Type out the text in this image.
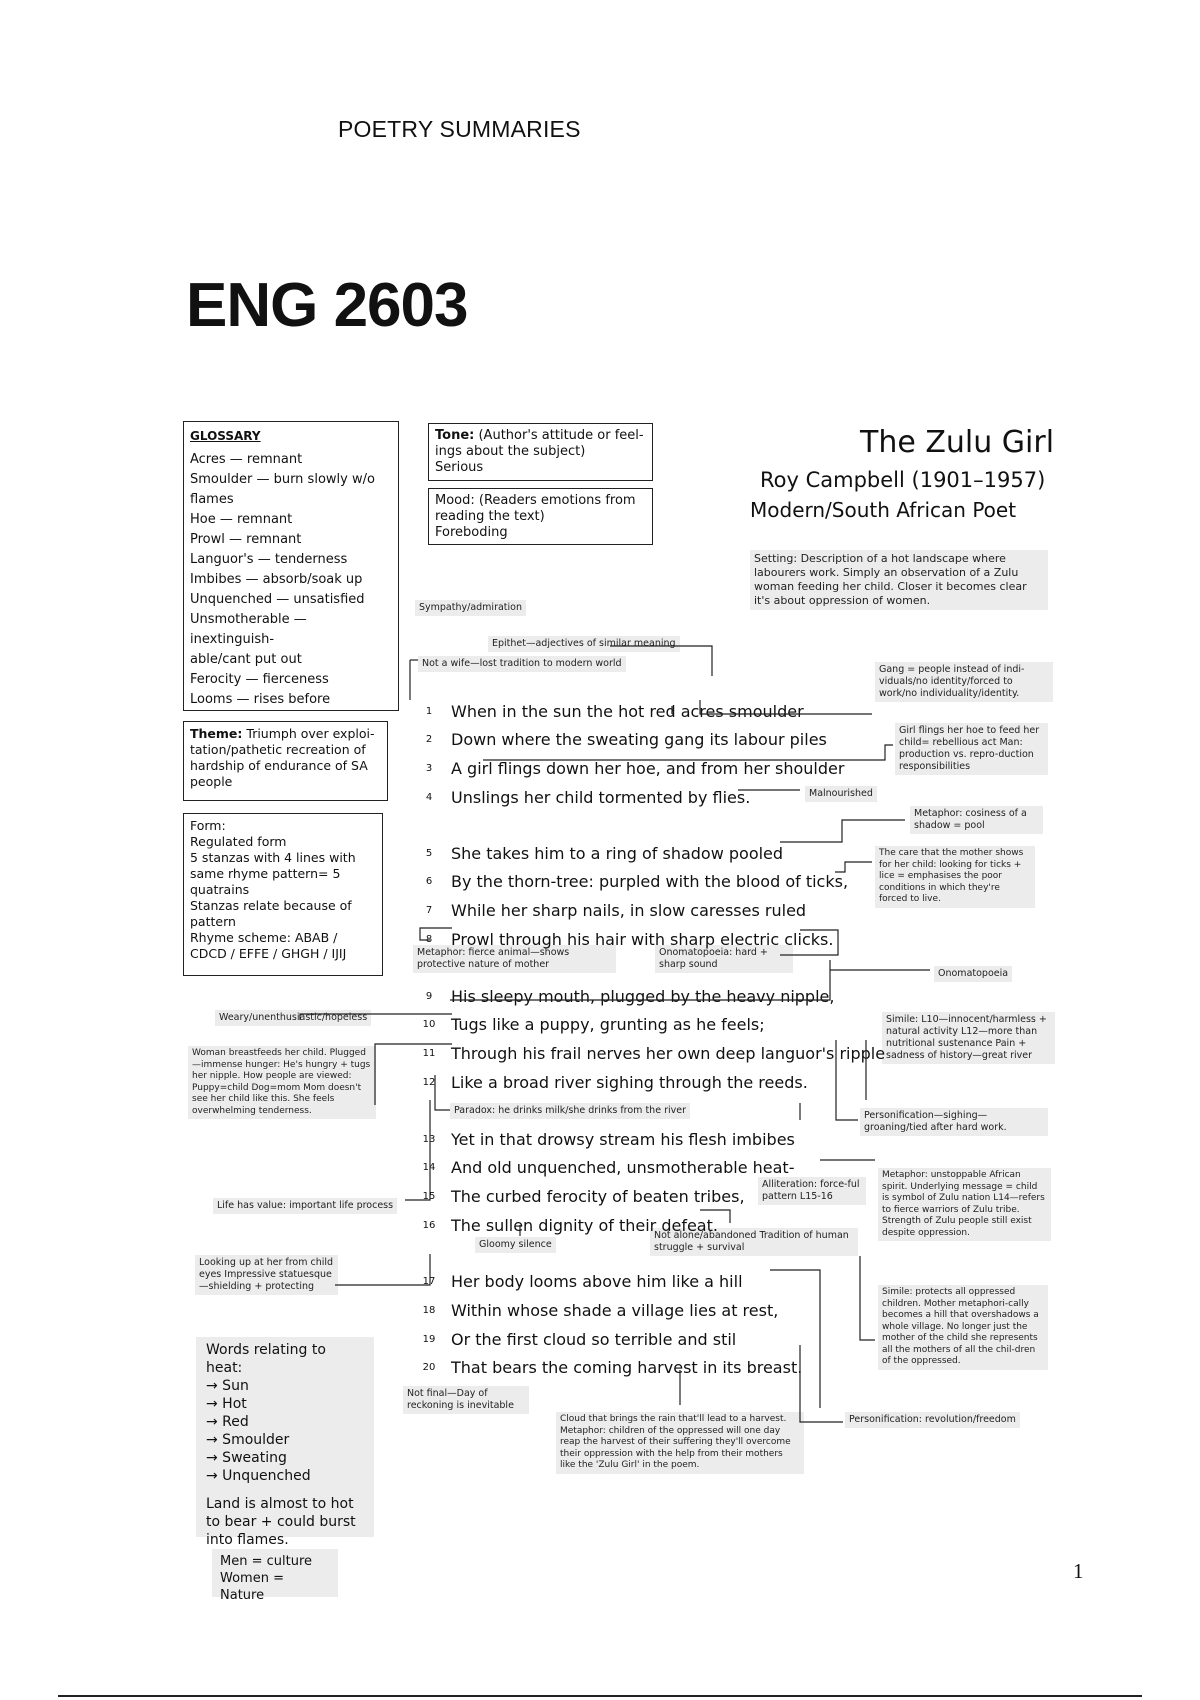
POETRY SUMMARIES
ENG 2603
GLOSSARY
Acres — remnant
Smoulder — burn slowly w/o
flames
Hoe — remnant
Prowl — remnant
Languor's — tenderness
Imbibes — absorb/soak up
Unquenched — unsatisfied
Unsmotherable — inextinguish-
able/cant put out
Ferocity — fierceness
Looms — rises before
Theme: Triumph over exploi-tation/pathetic recreation of hardship of endurance of SA people
Form:
Regulated form
5 stanzas with 4 lines with
same rhyme pattern= 5
quatrains
Stanzas relate because of
pattern
Rhyme scheme: ABAB /
CDCD / EFFE / GHGH / IJIJ
Tone: (Author's attitude or feel-ings about the subject)
Serious
Mood: (Readers emotions from reading the text)
Foreboding
The Zulu Girl
Roy Campbell (1901–1957)
Modern/South African Poet
Setting: Description of a hot landscape where labourers work. Simply an observation of a Zulu woman feeding her child. Closer it becomes clear it's about oppression of women.
Sympathy/admiration
Epithet—adjectives of similar meaning
Not a wife—lost tradition to modern world
Gang = people instead of indi-viduals/no identity/forced to work/no individuality/identity.
Girl flings her hoe to feed her child= rebellious act Man: production vs. repro-duction responsibilities
Malnourished
Metaphor: cosiness of a shadow = pool
The care that the mother shows for her child: looking for ticks + lice = emphasises the poor conditions in which they're forced to live.
Metaphor: fierce animal—shows protective nature of mother
Onomatopoeia: hard + sharp sound
Onomatopoeia
Weary/unenthusiastic/hopeless
Woman breastfeeds her child. Plugged—immense hunger: He's hungry + tugs her nipple. How people are viewed: Puppy=child Dog=mom Mom doesn't see her child like this. She feels overwhelming tenderness.
Simile: L10—innocent/harmless + natural activity L12—more than nutritional sustenance Pain + sadness of history—great river
Personification—sighing—groaning/tied after hard work.
Paradox: he drinks milk/she drinks from the river
Metaphor: unstoppable African spirit. Underlying message = child is symbol of Zulu nation L14—refers to fierce warriors of Zulu tribe. Strength of Zulu people still exist despite oppression.
Alliteration: force-ful pattern L15-16
Life has value: important life process
Gloomy silence
Not alone/abandoned Tradition of human struggle + survival
Looking up at her from child eyes Impressive statuesque—shielding + protecting	Simile: protects all oppressed children. Mother metaphori-cally becomes a hill that overshadows a whole village. No longer just the mother of the child she represents all the mothers of all the chil-dren of the oppressed.
Not final—Day of reckoning is inevitable
Cloud that brings the rain that'll lead to a harvest. Metaphor: children of the oppressed will one day reap the harvest of their suffering they'll overcome their oppression with the help from their mothers like the 'Zulu Girl' in the poem.
Personification: revolution/freedom
Words relating to heat:
→ Sun
→ Hot
→ Red
→ Smoulder
→ Sweating
→ Unquenched
Land is almost to hot to bear + could burst into flames.
Men = culture
Women = Nature
1	When in the sun the hot red acres smoulder
2	Down where the sweating gang its labour piles
3	A girl flings down her hoe, and from her shoulder
4	Unslings her child tormented by flies.
5	She takes him to a ring of shadow pooled
6	By the thorn-tree: purpled with the blood of ticks,
7	While her sharp nails, in slow caresses ruled
8	Prowl through his hair with sharp electric clicks.
9	His sleepy mouth, plugged by the heavy nipple,
10 Tugs like a puppy, grunting as he feels;
11 Through his frail nerves her own deep languor's ripple
12 Like a broad river sighing through the reeds.
13 Yet in that drowsy stream his flesh imbibes
14 And old unquenched, unsmotherable heat-
15 The curbed ferocity of beaten tribes,
16 The sullen dignity of their defeat.
17 Her body looms above him like a hill
18 Within whose shade a village lies at rest,
19 Or the first cloud so terrible and stil
20 That bears the coming harvest in its breast.
1
